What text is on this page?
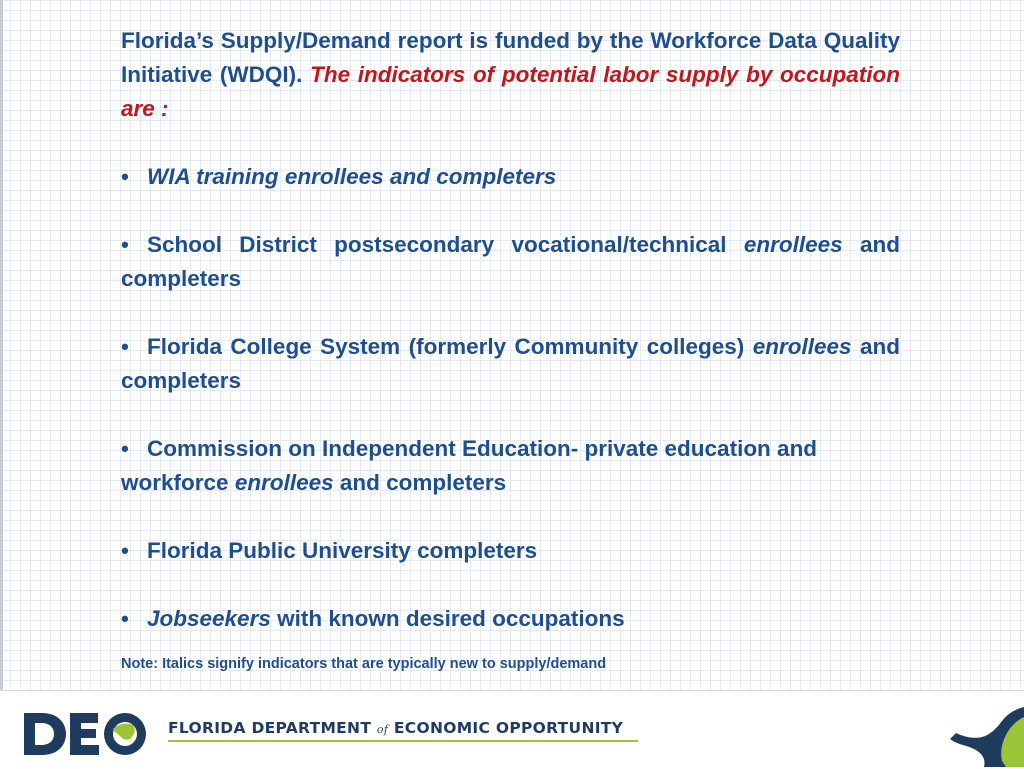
Florida’s Supply/Demand report is funded by the Workforce Data Quality Initiative (WDQI). The indicators of potential labor supply by occupation are :

• WIA training enrollees and completers

• School District postsecondary vocational/technical enrollees and completers

• Florida College System (formerly Community colleges) enrollees and completers

• Commission on Independent Education- private education and workforce enrollees and completers

• Florida Public University completers

• Jobseekers with known desired occupations

Note: Italics signify indicators that are typically new to supply/demand

FLORIDA DEPARTMENT of ECONOMIC OPPORTUNITY
